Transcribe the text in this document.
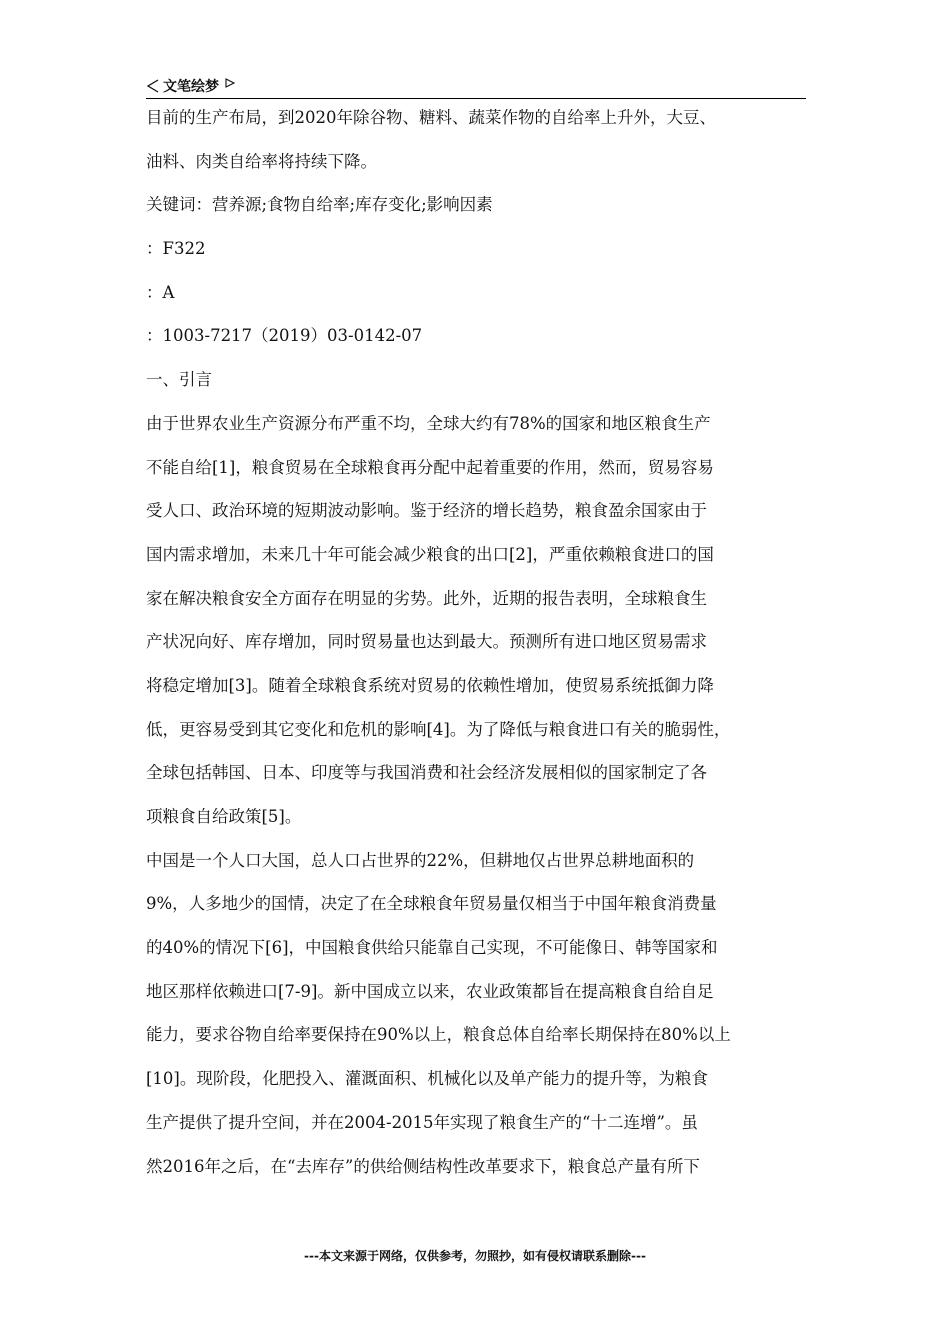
文笔绘梦
目前的生产布局，到2020年除谷物、糖料、蔬菜作物的自给率上升外，大豆、
油料、肉类自给率将持续下降。
关键词：营养源;食物自给率;库存变化;影响因素
：F322
：A
：1003-7217（2019）03-0142-07
一、引言
由于世界农业生产资源分布严重不均，全球大约有78%的国家和地区粮食生产
不能自给[1]，粮食贸易在全球粮食再分配中起着重要的作用，然而，贸易容易
受人口、政治环境的短期波动影响。鉴于经济的增长趋势，粮食盈余国家由于
国内需求增加，未来几十年可能会减少粮食的出口[2]，严重依赖粮食进口的国
家在解决粮食安全方面存在明显的劣势。此外，近期的报告表明，全球粮食生
产状况向好、库存增加，同时贸易量也达到最大。预测所有进口地区贸易需求
将稳定增加[3]。随着全球粮食系统对贸易的依赖性增加，使贸易系统抵御力降
低，更容易受到其它变化和危机的影响[4]。为了降低与粮食进口有关的脆弱性，
全球包括韩国、日本、印度等与我国消费和社会经济发展相似的国家制定了各
项粮食自给政策[5]。
中国是一个人口大国，总人口占世界的22%，但耕地仅占世界总耕地面积的
9%，人多地少的国情，决定了在全球粮食年贸易量仅相当于中国年粮食消费量
的40%的情况下[6]，中国粮食供给只能靠自己实现，不可能像日、韩等国家和
地区那样依赖进口[7-9]。新中国成立以来，农业政策都旨在提高粮食自给自足
能力，要求谷物自给率要保持在90%以上，粮食总体自给率长期保持在80%以上
[10]。现阶段，化肥投入、灌溉面积、机械化以及单产能力的提升等，为粮食
生产提供了提升空间，并在2004-2015年实现了粮食生产的“十二连增”。虽
然2016年之后，在“去库存”的供给侧结构性改革要求下，粮食总产量有所下
---本文来源于网络，仅供参考，勿照抄，如有侵权请联系删除---
